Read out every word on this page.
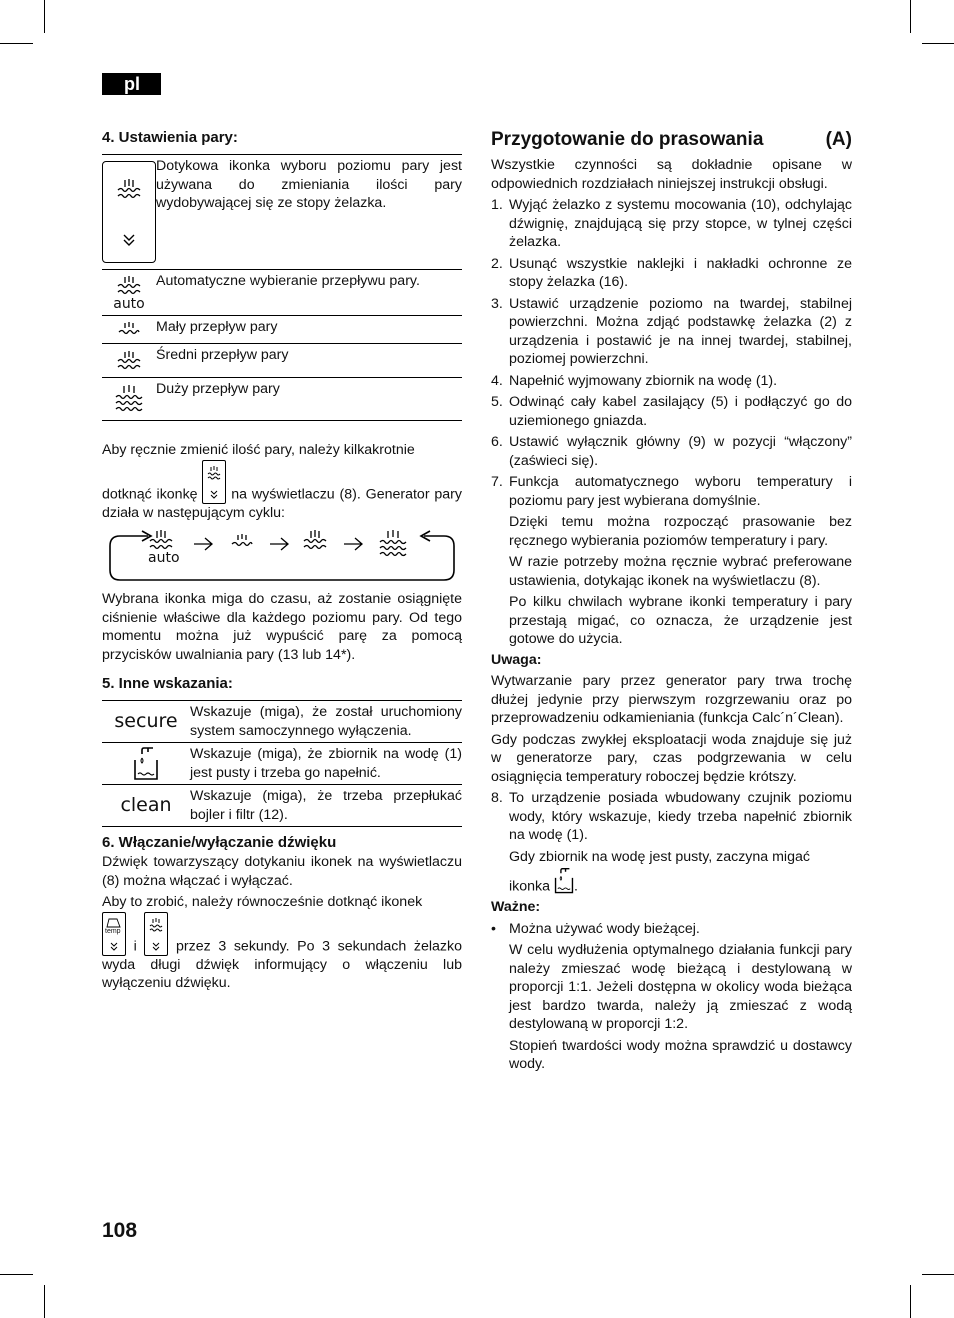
pl
4. Ustawienia pary:
Dotykowa ikonka wyboru poziomu pary jest używana do zmieniania ilości pary wydobywającej się ze stopy żelazka.
auto
Automatyczne wybieranie przepływu pary.
Mały przepływ pary
Średni przepływ pary
Duży przepływ pary

Aby ręcznie zmienić ilość pary, należy kilkakrotnie

dotknąć ikonkę na wyświetlaczu (8). Generator pary działa w następującym cyklu:

auto

Wybrana ikonka miga do czasu, aż zostanie osiągnięte ciśnienie właściwe dla każdego poziomu pary. Od tego momentu można już wypuścić parę za pomocą przycisków uwalniania pary (13 lub 14*).

5. Inne wskazania:
secure Wskazuje (miga), że został uruchomiony system samoczynnego wyłączenia.
Wskazuje (miga), że zbiornik na wodę (1) jest pusty i trzeba go napełnić.
clean Wskazuje (miga), że trzeba przepłukać bojler i filtr (12).
6. Włączanie/wyłączanie dźwięku

Dźwięk towarzyszący dotykaniu ikonek na wyświetlaczu (8) można włączać i wyłączać.

Aby to zrobić, należy równocześnie dotknąć ikonek

temp
i	przez 3 sekundy. Po 3 sekundach żelazko wyda długi dźwięk informujący o włączeniu lub wyłączeniu dźwięku.

Przygotowanie do prasowania	(A)

Wszystkie czynności są dokładnie opisane w odpowiednich rozdziałach niniejszej instrukcji obsługi.

1. Wyjąć żelazko z systemu mocowania (10), odchylając dźwignię, znajdującą się przy stopce, w tylnej części żelazka.
2. Usunąć wszystkie naklejki i nakładki ochronne ze stopy żelazka (16).
3. Ustawić urządzenie poziomo na twardej, stabilnej powierzchni. Można zdjąć podstawkę żelazka (2) z urządzenia i postawić je na innej twardej, stabilnej, poziomej powierzchni.
4. Napełnić wyjmowany zbiornik na wodę (1).
5. Odwinąć cały kabel zasilający (5) i podłączyć go do uziemionego gniazda.
6. Ustawić wyłącznik główny (9) w pozycji “włączony” (zaświeci się).
7. Funkcja automatycznego wyboru temperatury i poziomu pary jest wybierana domyślnie.

Dzięki temu można rozpocząć prasowanie bez ręcznego wybierania poziomów temperatury i pary.

W razie potrzeby można ręcznie wybrać preferowane ustawienia, dotykając ikonek na wyświetlaczu (8).

Po kilku chwilach wybrane ikonki temperatury i pary przestają migać, co oznacza, że urządzenie jest gotowe do użycia.

Uwaga:

Wytwarzanie pary przez generator pary trwa trochę dłużej jedynie przy pierwszym rozgrzewaniu oraz po przeprowadzeniu odkamieniania (funkcja Calc´n´Clean).

Gdy podczas zwykłej eksploatacji woda znajduje się już w generatorze pary, czas podgrzewania w celu osiągnięcia temperatury roboczej będzie krótszy.

8. To urządzenie posiada wbudowany czujnik poziomu wody, który wskazuje, kiedy trzeba napełnić zbiornik na wodę (1).

Gdy zbiornik na wodę jest pusty, zaczyna migać

ikonka .

Ważne:

• Można używać wody bieżącej.

W celu wydłużenia optymalnego działania funkcji pary należy zmieszać wodę bieżącą i destylowaną w proporcji 1:1. Jeżeli dostępna w okolicy woda bieżąca jest bardzo twarda, należy ją zmieszać z wodą destylowaną w proporcji 1:2.

Stopień twardości wody można sprawdzić u dostawcy wody.

108
